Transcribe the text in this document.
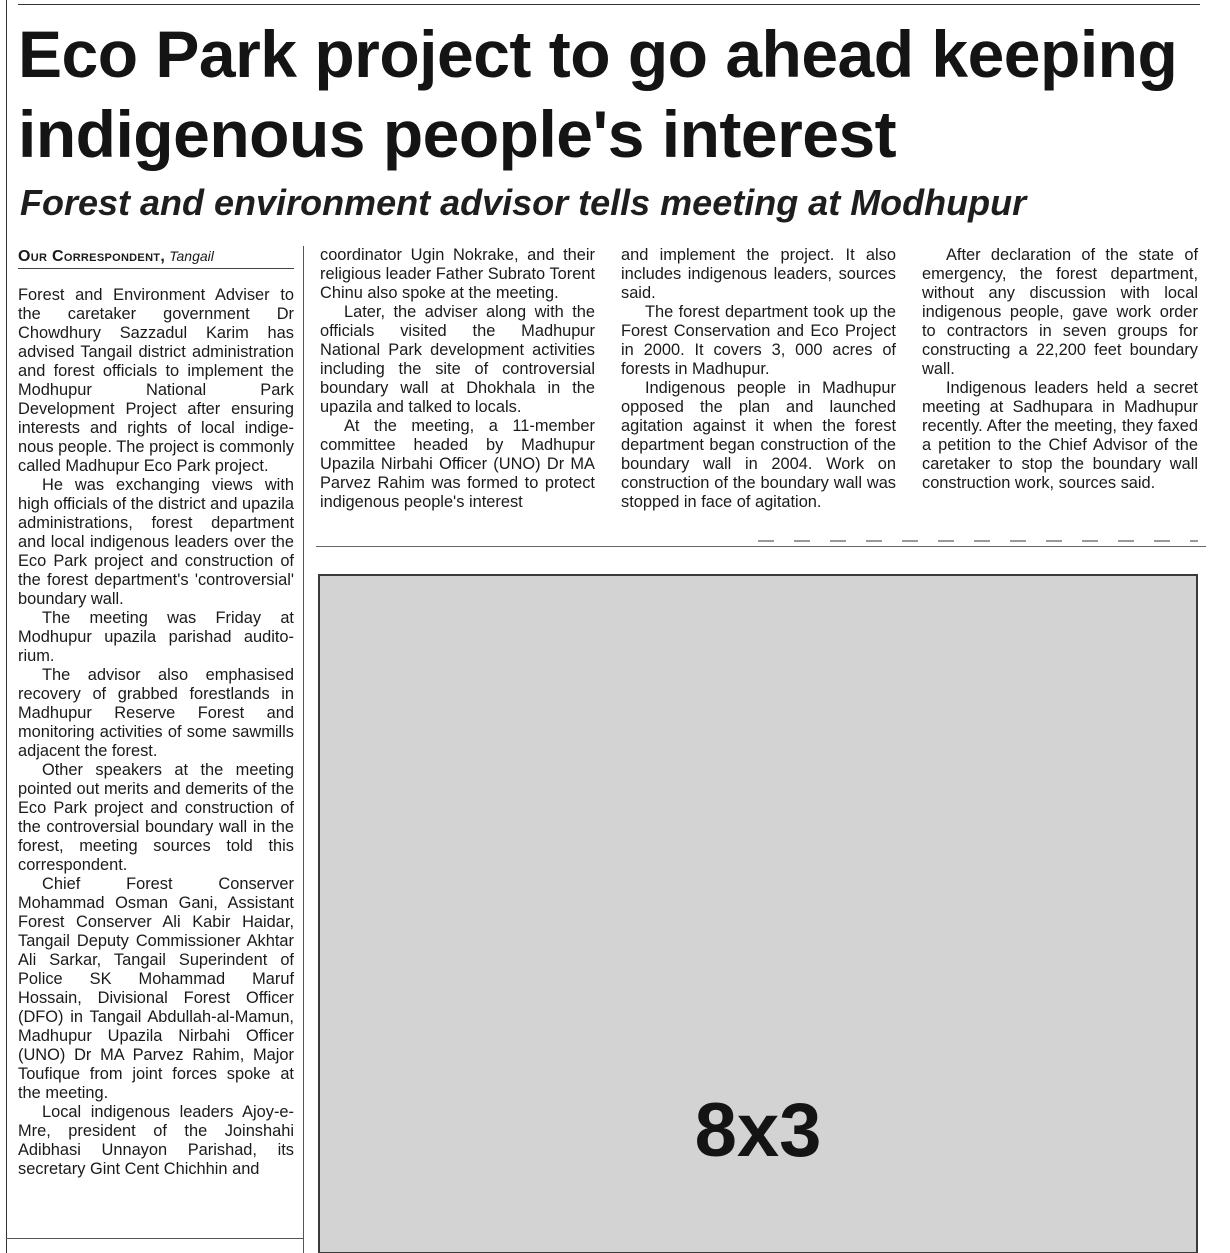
Eco Park project to go ahead keeping
indigenous people's interest
Forest and environment advisor tells meeting at Modhupur
Our Correspondent, Tangail

Forest and Environment Adviser to the caretaker government Dr Chowdhury Sazzadul Karim has advised Tangail district administration and forest officials to implement the Modhupur National Park Development Project after ensuring interests and rights of local indigenous people. The project is commonly called Madhupur Eco Park project.

He was exchanging views with high officials of the district and upazila administrations, forest department and local indigenous leaders over the Eco Park project and construction of the forest department's 'controversial' boundary wall.

The meeting was Friday at Modhupur upazila parishad auditorium.

The advisor also emphasised recovery of grabbed forestlands in Madhupur Reserve Forest and monitoring activities of some sawmills adjacent the forest.

Other speakers at the meeting pointed out merits and demerits of the Eco Park project and construction of the controversial boundary wall in the forest, meeting sources told this correspondent.

Chief Forest Conserver Mohammad Osman Gani, Assistant Forest Conserver Ali Kabir Haidar, Tangail Deputy Commissioner Akhtar Ali Sarkar, Tangail Superindent of Police SK Mohammad Maruf Hossain, Divisional Forest Officer (DFO) in Tangail Abdullah-al-Mamun, Madhupur Upazila Nirbahi Officer (UNO) Dr MA Parvez Rahim, Major Toufique from joint forces spoke at the meeting.

Local indigenous leaders Ajoy-e-Mre, president of the Joinshahi Adibhasi Unnayon Parishad, its secretary Gint Cent Chichhin and

coordinator Ugin Nokrake, and their religious leader Father Subrato Torent Chinu also spoke at the meeting.

Later, the adviser along with the officials visited the Madhupur National Park development activities including the site of controversial boundary wall at Dhokhala in the upazila and talked to locals.

At the meeting, a 11-member committee headed by Madhupur Upazila Nirbahi Officer (UNO) Dr MA Parvez Rahim was formed to protect indigenous people's interest

and implement the project. It also includes indigenous leaders, sources said.

The forest department took up the Forest Conservation and Eco Project in 2000. It covers 3, 000 acres of forests in Madhupur.

Indigenous people in Madhupur opposed the plan and launched agitation against it when the forest department began construction of the boundary wall in 2004. Work on construction of the boundary wall was stopped in face of agitation.

After declaration of the state of emergency, the forest department, without any discussion with local indigenous people, gave work order to contractors in seven groups for constructing a 22,200 feet boundary wall.

Indigenous leaders held a secret meeting at Sadhupara in Madhupur recently. After the meeting, they faxed a petition to the Chief Advisor of the caretaker to stop the boundary wall construction work, sources said.

8x3
